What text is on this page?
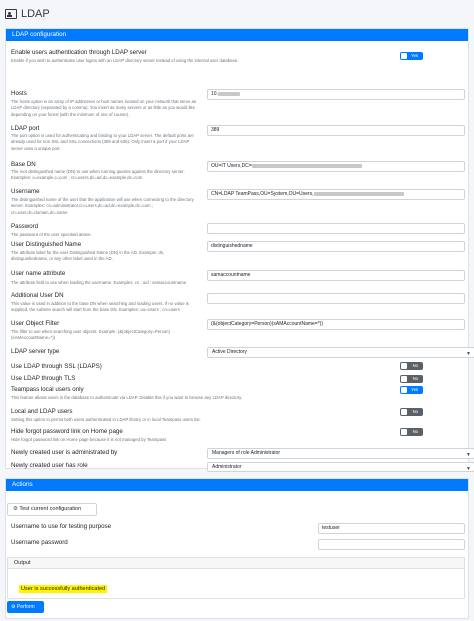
LDAP
LDAP configuration
Enable users authentication through LDAP server
Enable if you wish to authenticate user logins with an LDAP directory server instead of using the internal user database.
Yes
Hosts
The hosts option is an array of IP addresses or host names located on your network that serve an LDAP directory (separated by a comma). You insert as many servers or as little as you would like depending on your forest (with the minimum of one of course).
10.
LDAP port
The port option is used for authenticating and binding to your LDAP server. The default ports are already used for non SSL and SSL connections (389 and 636). Only insert a port if your LDAP server uses a unique port.
389
Base DN
The root distinguished name (DN) to use when running queries against the directory server. Examples: o=example,c=com ; cn=users,dc=ad,dc=example,dc=com
OU=IT Users,DC=
Username
The distinguished name of the user that the application will use when connecting to the directory server. Examples: cn=administrator,cn=users,dc=ad,dc=example,dc=com ; cn=user,dc=domain,dc=name
CN=LDAP TeamPass,OU=System,OU=Users,
Password
The password of the user specified above.
User Distinguished Name
The attribute label for the user Distinguished Name (DN) in the AD. Example: dn, distinguishedname, or any other label used in the AD.
distinguishedname
User name attribute
The attribute field to use when loading the username. Examples: cn ; uid ; samaccountname
samaccountname
Additional User DN
This value is used in addition to the base DN when searching and loading users. If no value is supplied, the subtree search will start from the base DN. Examples: ou=Users ; cn=users
User Object Filter
The filter to use when searching user objects. Example: (&(objectCategory=Person)(sAMAccountName=*))
(&(objectCategory=Person)(sAMAccountName=*))
LDAP server type	Active Directory	▼
Use LDAP through SSL (LDAPS)	No
Use LDAP through TLS	No
Teampass local users only
This feature allows users in the database to authenticate via LDAP. Disable this if you want to browse any LDAP directory.
Yes
Local and LDAP users
Setting this option to permit both users authenticated in LDAP library or in local Teampass users list.
No
Hide forgot password link on Home page
Hide forgot password link on Home page because it is not managed by Teampass
No
Newly created user is administrated by	Managers of role Administrator	▼
Newly created user has role	Administrator	▼
Actions
⚙ Test current configuration
Username to use for testing purpose	testuser
Username password
Output
User is successfully authenticated
⚙ Perform
